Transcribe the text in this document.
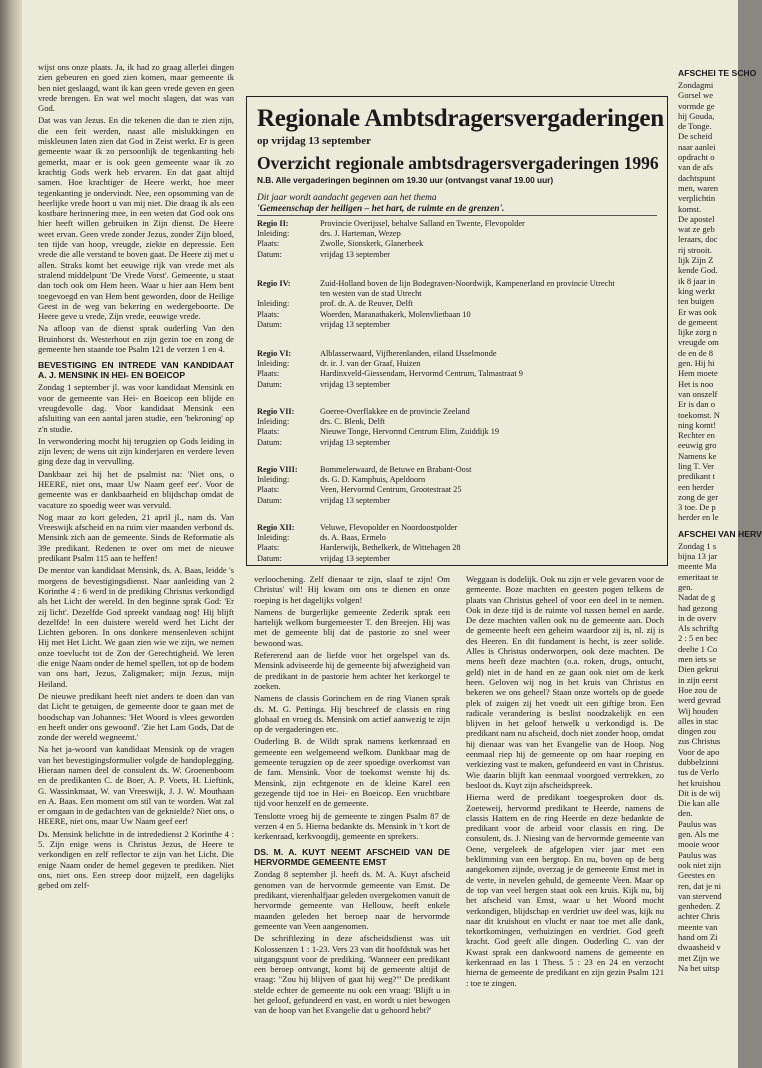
wijst ons onze plaats. Ja, ik had zo graag allerlei dingen zien gebeuren en goed zien komen, maar gemeente ik ben niet geslaagd, want ik kan geen vrede geven en geen vrede brengen. En wat wel mocht slagen, dat was van God.

Dat was van Jezus. En die tekenen die dan te zien zijn, die een feit werden, naast alle mislukkingen en miskleunen laten zien dat God in Zeist werkt. Er is geen gemeente waar ik zo persoonlijk de tegenkanting heb gemerkt, maar er is ook geen gemeente waar ik zo krachtig Gods werk heb ervaren. En dat gaat altijd samen. Hoe krachtiger de Heere werkt, hoe meer tegenkanting je ondervindt. Nee, een opsomming van de heerlijke vrede hoort u van mij niet. Die draag ik als een kostbare herinnering mee, in een weten dat God ook ons hier heeft willen gebruiken in Zijn dienst. De Heere weet ervan. Geen vrede zonder Jezus, zonder Zijn bloed, ten tijde van hoop, vreugde, ziekte en depressie. Een vrede die alle verstand te boven gaat. De Heere zij met u allen. Straks komt het eeuwige rijk van vrede met als stralend middelpunt 'De Vrede Vorst'. Gemeente, u staat dan toch ook om Hem heen. Waar u hier aan Hem bent toegevoegd en van Hem bent geworden, door de Heilige Geest in de weg van bekering en wedergeboorte. De Heere geve u vrede, Zijn vrede, eeuwige vrede.

Na afloop van de dienst sprak ouderling Van den Bruinhorst ds. Westerhout en zijn gezin toe en zong de gemeente hen staande toe Psalm 121 de verzen 1 en 4.

BEVESTIGING EN INTREDE VAN KANDIDAAT A. J. MENSINK IN HEI- EN BOEICOP

Zondag 1 september jl. was voor kandidaat Mensink en voor de gemeente van Hei- en Boeicop een blijde en vreugdevolle dag. Voor kandidaat Mensink een afsluiting van een aantal jaren studie, een 'bekroning' op z'n studie.

In verwondering mocht hij terugzien op Gods leiding in zijn leven; de wens uit zijn kinderjaren en verdere leven ging deze dag in vervulling.

Dankbaar zei hij het de psalmist na: 'Niet ons, o HEERE, niet ons, maar Uw Naam geef eer'. Voor de gemeente was er dankbaarheid en blijdschap omdat de vacature zo spoedig weer was vervuld.

Nog maar zo kort geleden, 21 april jl., nam ds. Van Vreeswijk afscheid en na ruim vier maanden verbond ds. Mensink zich aan de gemeente. Sinds de Reformatie als 39e predikant. Redenen te over om met de nieuwe predikant Psalm 115 aan te heffen!

De mentor van kandidaat Mensink, ds. A. Baas, leidde 's morgens de bevestigingsdienst. Naar aanleiding van 2 Korinthe 4 : 6 werd in de prediking Christus verkondigd als het Licht der wereld. In den beginne sprak God: 'Er zij licht'. Dezelfde God spreekt vandaag nog! Hij blijft dezelfde! In een duistere wereld werd het Licht der Lichten geboren. In ons donkere mensenleven schijnt Hij met Het Licht. We gaan zien wie we zijn, we nemen onze toevlucht tot de Zon der Gerechtigheid. We leren die enige Naam onder de hemel spellen, tot op de bodem van ons hart, Jezus, Zaligmaker; mijn Jezus, mijn Heiland.

De nieuwe predikant heeft niet anders te doen dan van dat Licht te getuigen, de gemeente door te gaan met de boodschap van Johannes: 'Het Woord is vlees geworden en heeft onder ons gewoond'. 'Zie het Lam Gods, Dat de zonde der wereld wegneemt.'

Na het ja-woord van kandidaat Mensink op de vragen van het bevestigingsformulier volgde de handoplegging. Hieraan namen deel de consulent ds. W. Groenenboom en de predikanten C. de Boer, A. P. Voets, H. Lieftink, G. Wassinkmaat, W. van Vreeswijk, J. J. W. Mouthaan en A. Baas. Een moment om stil van te worden. Wat zal er omgaan in de gedachten van de geknielde? Niet ons, o HEERE, niet ons, maar Uw Naam geef eer!

Ds. Mensink belichtte in de intrededienst 2 Korinthe 4 : 5. Zijn enige wens is Christus Jezus, de Heere te verkondigen en zelf reflector te zijn van het Licht. Die enige Naam onder de hemel gegeven te prediken. Niet ons, niet ons. Een streep door mijzelf, een dagelijks gebed om zelf-

Regionale Ambtsdragersvergaderingen
op vrijdag 13 september
Overzicht regionale ambtsdragersvergaderingen 1996
N.B. Alle vergaderingen beginnen om 19.30 uur (ontvangst vanaf 19.00 uur)
Dit jaar wordt aandacht gegeven aan het thema
'Gemeenschap der heiligen – het hart, de ruimte en de grenzen'.
Regio II:	Provincie Overijssel, behalve Salland en Twente, Flevopolder
Inleiding:	drs. J. Harteman, Wezep
Plaats:	Zwolle, Sionskerk, Glanerbeek
Datum:	vrijdag 13 september
Regio IV:	Zuid-Holland boven de lijn Bodegraven-Noordwijk, Kampenerland en provincie Utrecht
ten westen van de stad Utrecht
Inleiding:	prof. dr. A. de Reuver, Delft
Plaats:	Woerden, Maranathakerk, Molenvlietbaan 10
Datum:	vrijdag 13 september
Regio VI:	Alblasserwaard, Vijfherenlanden, eiland IJsselmonde
Inleiding:	dr. ir. J. van der Graaf, Huizen
Plaats:	Hardinxveld-Giessendam, Hervormd Centrum, Talmastraat 9
Datum:	vrijdag 13 september
Regio VII:	Goeree-Overflakkee en de provincie Zeeland
Inleiding:	drs. C. Blenk, Delft
Plaats:	Nieuwe Tonge, Hervormd Centrum Elim, Zuiddijk 19
Datum:	vrijdag 13 september
Regio VIII:	Bommelerwaard, de Betuwe en Brabant-Oost
Inleiding:	ds. G. D. Kamphuis, Apeldoorn
Plaats:	Veen, Hervormd Centrum, Grootestraat 25
Datum:	vrijdag 13 september
Regio XII:	Veluwe, Flevopolder en Noordoostpolder
Inleiding:	ds. A. Baas, Ermelo
Plaats:	Harderwijk, Bethelkerk, de Wittehagen 28
Datum:	vrijdag 13 september

verloochening. Zelf dienaar te zijn, slaaf te zijn! Om Christus' wil! Hij kwam om ons te dienen en onze roeping is het dagelijks volgen!

Namens de burgerlijke gemeente Zederik sprak een hartelijk welkom burgemeester T. den Breejen. Hij was met de gemeente blij dat de pastorie zo snel weer bewoond was.

Refererend aan de liefde voor het orgelspel van ds. Mensink adviseerde hij de gemeente bij afwezigheid van de predikant in de pastorie hem achter het kerkorgel te zoeken.

Namens de classis Gorinchem en de ring Vianen sprak ds. M. G. Pettinga. Hij beschreef de classis en ring globaal en vroeg ds. Mensink om actief aanwezig te zijn op de vergaderingen etc.

Ouderling B. de Wildt sprak namens kerkenraad en gemeente een welgemeend welkom. Dankbaar mag de gemeente terugzien op de zeer spoedige overkomst van de fam. Mensink. Voor de toekomst wenste hij ds. Mensink, zijn echtgenote en de kleine Karel een gezegende tijd toe in Hei- en Boeicop. Een vruchtbare tijd voor henzelf en de gemeente.

Tenslotte vroeg hij de gemeente te zingen Psalm 87 de verzen 4 en 5. Hierna bedankte ds. Mensink in 't kort de kerkenraad, kerkvoogdij, gemeente en sprekers.

DS. M. A. KUYT NEEMT AFSCHEID VAN DE HERVORMDE GEMEENTE EMST

Zondag 8 september jl. heeft ds. M. A. Kuyt afscheid genomen van de hervormde gemeente van Emst. De predikant, vierenhalfjaar geleden overgekomen vanuit de hervormde gemeente van Hellouw, heeft enkele maanden geleden het beroep naar de hervormde gemeente van Veen aangenomen.

De schriftlezing in deze afscheidsdienst was uit Kolossenzen 1 : 1-23. Vers 23 van dit hoofdstuk was het uitgangspunt voor de prediking. 'Wanneer een predikant een beroep ontvangt, komt bij de gemeente altijd de vraag: "Zou hij blijven of gaat hij weg?"' De predikant stelde echter de gemeente nu ook een vraag: 'Blijft u in het geloof, gefundeerd en vast, en wordt u niet bewogen van de hoop van het Evangelie dat u gehoord hebt?'

Weggaan is dodelijk. Ook nu zijn er vele gevaren voor de gemeente. Boze machten en geesten pogen telkens de plaats van Christus geheel of voor een deel in te nemen. Ook in deze tijd is de ruimte vol tussen hemel en aarde. De deze machten vallen ook nu de gemeente aan. Doch de gemeente heeft een geheim waardoor zij is, nl. zij is des Heeren. En dit fundament is hecht, is zeer solide. Alles is Christus onderworpen, ook deze machten. De mens heeft deze machten (o.a. roken, drugs, ontucht, geld) niet in de hand en ze gaan ook niet om de kerk heen. Geloven wij nog in het kruis van Christus en bekeren we ons geheel? Staan onze wortels op de goede plek of zuigen zij het voedt uit een giftige bron. Een radicale verandering is beslist noodzakelijk en een blijven in het geloof hetwelk u verkondigd is. De predikant nam nu afscheid, doch niet zonder hoop, omdat hij dienaar was van het Evangelie van de Hoop. Nog eenmaal riep hij de gemeente op om haar roeping en verkiezing vast te maken, gefundeerd en vast in Christus. Wie daarin blijft kan eenmaal voorgoed vertrekken, zo besloot ds. Kuyt zijn afscheidspreek.

Hierna werd de predikant toegesproken door ds. Zoeteweij, hervormd predikant te Heerde, namens de classis Hattem en de ring Heerde en deze bedankte de predikant voor de arbeid voor classis en ring. De consulent, ds. J. Niesing van de hervormde gemeente van Oene, vergeleek de afgelopen vier jaar met een beklimming van een bergtop. En nu, boven op de berg aangekomen zijnde, overzag je de gemeente Emst met in de verte, in nevelen gehuld, de gemeente Veen. Maar op de top van veel bergen staat ook een kruis. Kijk nu, bij het afscheid van Emst, waar u het Woord mocht verkondigen, blijdschap en verdriet uw deel was, kijk nu naar dit kruishout en vlucht er naar toe met alle dank, tekortkomingen, verhuizingen en verdriet. God geeft kracht. God geeft alle dingen. Ouderling C. van der Kwast sprak een dankwoord namens de gemeente en kerkenraad en las 1 Thess. 5 : 23 en 24 en verzocht hierna de gemeente de predikant en zijn gezin Psalm 121 : toe te zingen.

AFSCHEI TE SCHO
Zondagmi
Gorsel we
vormde ge
hij Gouda,
de Tonge.
De scheid
naar aanlei
opdracht o
van de afs
dachtspunt
men, waren
verplichtin
komst.
De apostel
wat ze geb
leraars, doc
rij strooit.
lijk Zijn Z
kende God.
ik 8 jaar in
king werkt
ten buigen
Er was ook
de gemeent
lijke zorg n
vreugde om
de en de 8
gen. Hij hi
Hem moete
Het is noo
van onszelf
Er is dan o
toekomst. N
ning komt!
Rechter en
eeuwig gro
Namens ke
ling T. Ver
predikant t
een herder
zong de ger
3 toe. De p
herder en le
AFSCHEI VAN HERV
Zondag 1 s
bijna 13 jar
meente Ma
emeritaat te
gen.
Nadat de g
had gezong
in de overv
Als schriftg
2 : 5 en bec
deelte 1 Co
men iets se
Dien gekrui
in zijn eerst
Hoe zou de
werd gevrad
Wij houden
alles in stac
dingen zou
zus Christus
Voor de apo
dubbelzinni
tus de Verlo
het kruishou
Dit is de wij
Die kan alle
den.
Paulus was
gen. Als me
mooie woor
Paulus was
ook niet zijn
Geestes en
ren, dat je ni
van stervend
genheden. Z
achter Chris
meente van
hand om Zi
dwaasheid v
met Zijn we
Na het uitsp
